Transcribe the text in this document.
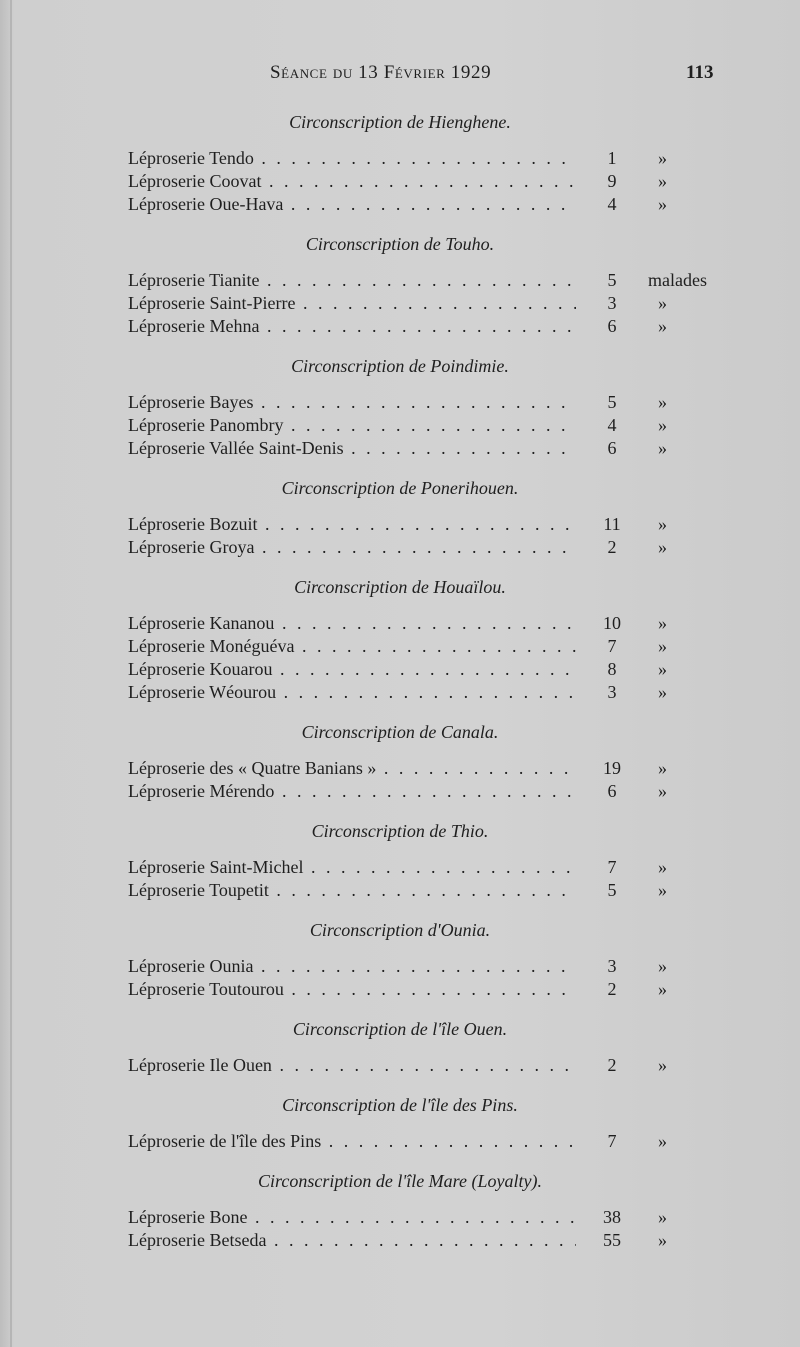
Séance du 13 Février 1929	113
Circonscription de Hienghene.
Léproserie Tendo . . .	1	»
Léproserie Coovat . . .	9	»
Léproserie Oue-Hava . . .	4	»
Circonscription de Touho.
Léproserie Tianite . . .	5	malades
Léproserie Saint-Pierre . . .	3	»
Léproserie Mehna . . .	6	»
Circonscription de Poindimie.
Léproserie Bayes . . .	5	»
Léproserie Panombry . . .	4	»
Léproserie Vallée Saint-Denis . . .	6	»
Circonscription de Ponerihouen.
Léproserie Bozuit . . .	11	»
Léproserie Groya . . .	2	»
Circonscription de Houaïlou.
Léproserie Kananou . . .	10	»
Léproserie Monéguéva . . .	7	»
Léproserie Kouarou . . .	8	»
Léproserie Wéourou . . .	3	»
Circonscription de Canala.
Léproserie des « Quatre Banians » . . .	19	»
Léproserie Mérendo . . .	6	»
Circonscription de Thio.
Léproserie Saint-Michel . . .	7	»
Léproserie Toupetit . . .	5	»
Circonscription d'Ounia.
Léproserie Ounia . . .	3	»
Léproserie Toutourou . . .	2	»
Circonscription de l'île Ouen.
Léproserie Ile Ouen . . .	2	»
Circonscription de l'île des Pins.
Léproserie de l'île des Pins . . .	7	»
Circonscription de l'île Mare (Loyalty).
Léproserie Bone . . .	38	»
Léproserie Betseda . . .	55	»
